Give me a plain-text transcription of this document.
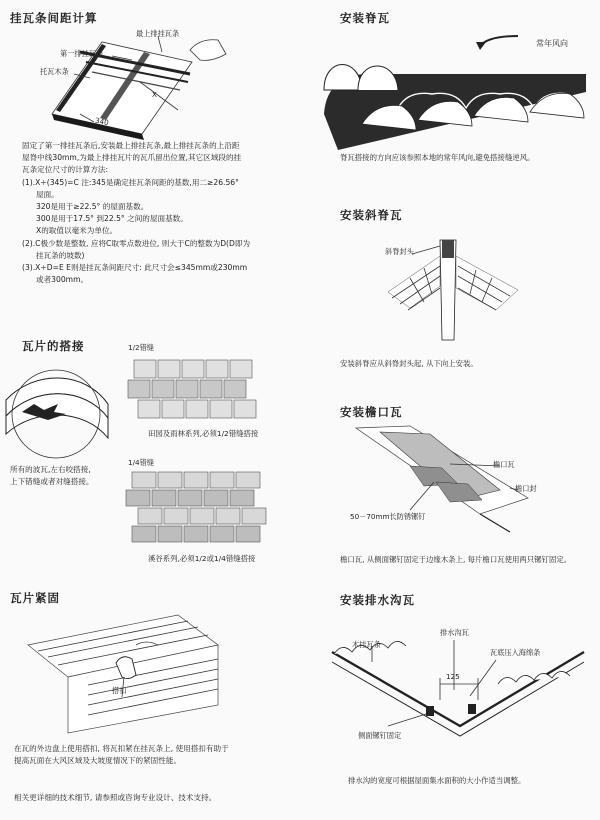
挂瓦条间距计算
最上排挂瓦条
第一排挂瓦条
托瓦木条
X
340
固定了第一排挂瓦条后,安装最上排挂瓦条,最上排挂瓦条的上沿距
屋脊中线30mm,为最上排挂瓦片的瓦爪留出位置,其它区域段的挂
瓦条定位尺寸的计算方法:
(1).X÷(345)=C 注:345是确定挂瓦条间距的基数,用二≥26.56°
屋面。
320是用于≥22.5° 的屋面基数。
300是用于17.5° 到22.5° 之间的屋面基数。
X的取值以毫米为单位。
(2).C极少数是整数, 应将C取零点数进位, 则大于C的整数为D(D即为
挂瓦条的坡数)
(3).X÷D=E E则是挂瓦条间距尺寸: 此尺寸会≤345mm或230mm
或者300mm。
瓦片的搭接	1/2错缝
田园及雨林系列,必须1/2错缝搭接
所有的波瓦,左右咬搭接,
上下错缝或者对缝搭接。
1/4错缝
溪谷系列,必须1/2或1/4错缝搭接
瓦片紧固
搭扣
在瓦的外边盘上使用搭扣, 将瓦扣紧在挂瓦条上, 使用搭扣有助于
提高瓦面在大风区域及大坡度情况下的紧固性能。
相关更详细的技术细节, 请参照或咨询专业设计、技术支持。
安装脊瓦
常年风向
脊瓦搭接的方向应该参照本地的常年风向,避免搭接缝逆风。
安装斜脊瓦
斜脊封头
安装斜脊应从斜脊封头起, 从下向上安装。
安装檐口瓦
檐口瓦
檐口封
50－70mm长防锈镙钉
檐口瓦, 从侧面镙钉固定于边缘木条上, 每片檐口瓦使用两只镙钉固定。
安装排水沟瓦
木挂瓦条
排水沟瓦
瓦底压入海绵条
125
侧面镙钉固定
排水沟的宽度可根据屋面集水面积的大小作适当调整。
